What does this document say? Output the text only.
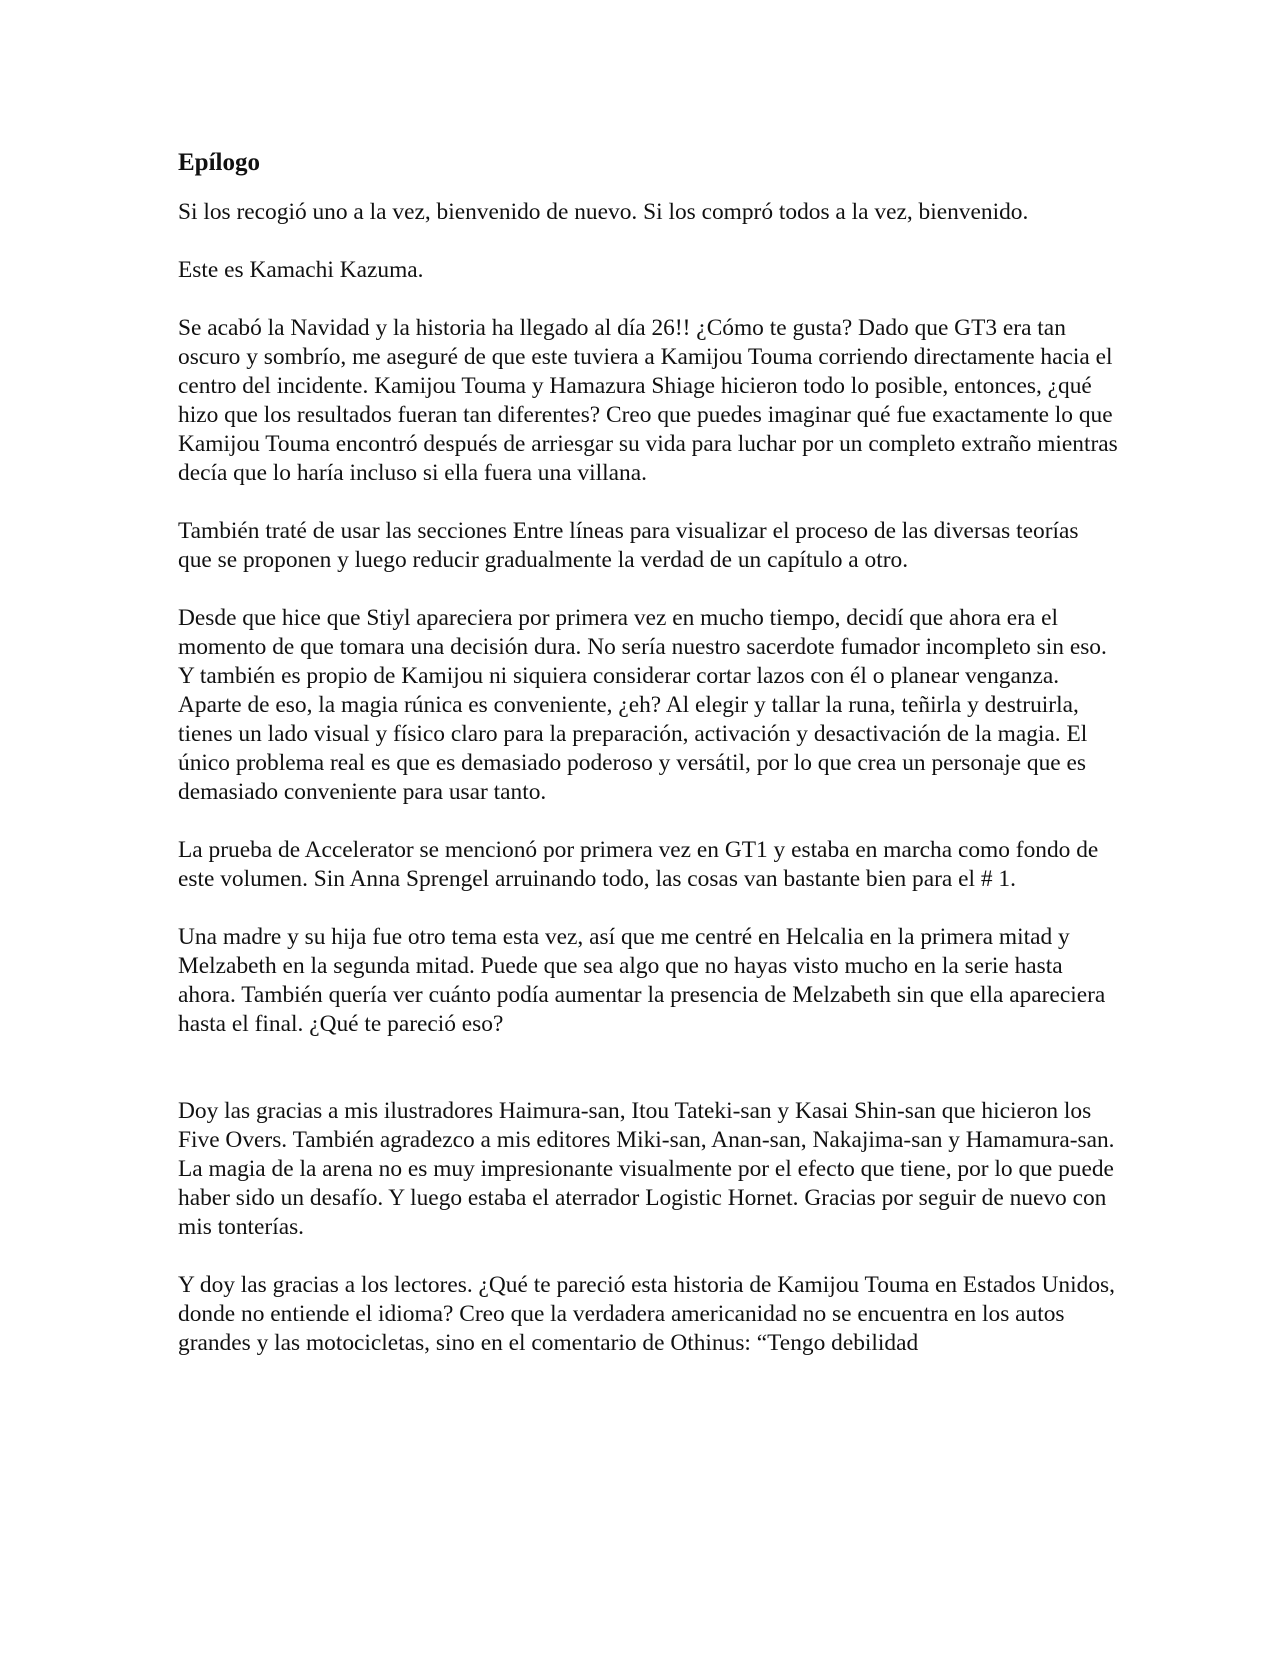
Epílogo

Si los recogió uno a la vez, bienvenido de nuevo. Si los compró todos a la vez, bienvenido.

Este es Kamachi Kazuma.

Se acabó la Navidad y la historia ha llegado al día 26!! ¿Cómo te gusta? Dado que GT3 era tan oscuro y sombrío, me aseguré de que este tuviera a Kamijou Touma corriendo directamente hacia el centro del incidente. Kamijou Touma y Hamazura Shiage hicieron todo lo posible, entonces, ¿qué hizo que los resultados fueran tan diferentes? Creo que puedes imaginar qué fue exactamente lo que Kamijou Touma encontró después de arriesgar su vida para luchar por un completo extraño mientras decía que lo haría incluso si ella fuera una villana.

También traté de usar las secciones Entre líneas para visualizar el proceso de las diversas teorías que se proponen y luego reducir gradualmente la verdad de un capítulo a otro.

Desde que hice que Stiyl apareciera por primera vez en mucho tiempo, decidí que ahora era el momento de que tomara una decisión dura. No sería nuestro sacerdote fumador incompleto sin eso. Y también es propio de Kamijou ni siquiera considerar cortar lazos con él o planear venganza. Aparte de eso, la magia rúnica es conveniente, ¿eh? Al elegir y tallar la runa, teñirla y destruirla, tienes un lado visual y físico claro para la preparación, activación y desactivación de la magia. El único problema real es que es demasiado poderoso y versátil, por lo que crea un personaje que es demasiado conveniente para usar tanto.

La prueba de Accelerator se mencionó por primera vez en GT1 y estaba en marcha como fondo de este volumen. Sin Anna Sprengel arruinando todo, las cosas van bastante bien para el # 1.

Una madre y su hija fue otro tema esta vez, así que me centré en Helcalia en la primera mitad y Melzabeth en la segunda mitad. Puede que sea algo que no hayas visto mucho en la serie hasta ahora. También quería ver cuánto podía aumentar la presencia de Melzabeth sin que ella apareciera hasta el final. ¿Qué te pareció eso?

Doy las gracias a mis ilustradores Haimura-san, Itou Tateki-san y Kasai Shin-san que hicieron los Five Overs. También agradezco a mis editores Miki-san, Anan-san, Nakajima-san y Hamamura-san. La magia de la arena no es muy impresionante visualmente por el efecto que tiene, por lo que puede haber sido un desafío. Y luego estaba el aterrador Logistic Hornet. Gracias por seguir de nuevo con mis tonterías.

Y doy las gracias a los lectores. ¿Qué te pareció esta historia de Kamijou Touma en Estados Unidos, donde no entiende el idioma? Creo que la verdadera americanidad no se encuentra en los autos grandes y las motocicletas, sino en el comentario de Othinus: “Tengo debilidad
